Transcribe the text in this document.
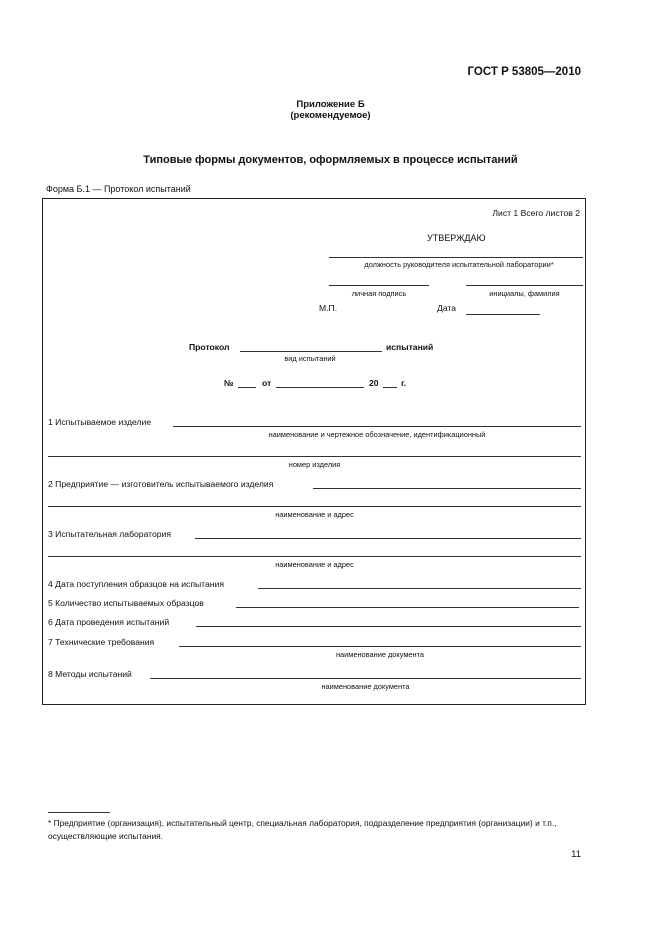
ГОСТ Р 53805—2010
Приложение Б
(рекомендуемое)
Типовые формы документов, оформляемых в процессе испытаний
Форма Б.1 — Протокол испытаний
Лист 1 Всего листов 2
УТВЕРЖДАЮ
должность руководителя испытательной лаборатории*
личная подпись	инициалы, фамилия
М.П.	Дата
Протокол	испытаний
вид испытаний
№	от	20	г.
1 Испытываемое изделие
наименование и чертежное обозначение, идентификационный
номер изделия
2 Предприятие — изготовитель испытываемого изделия
наименование и адрес
3 Испытательная лаборатория
наименование и адрес
4 Дата поступления образцов на испытания
5 Количество испытываемых образцов
6 Дата проведения испытаний
7 Технические требования
наименование документа
8 Методы испытаний
наименование документа
* Предприятие (организация), испытательный центр, специальная лаборатория, подразделение предприятия (организации) и т.п., осуществляющие испытания.
11
